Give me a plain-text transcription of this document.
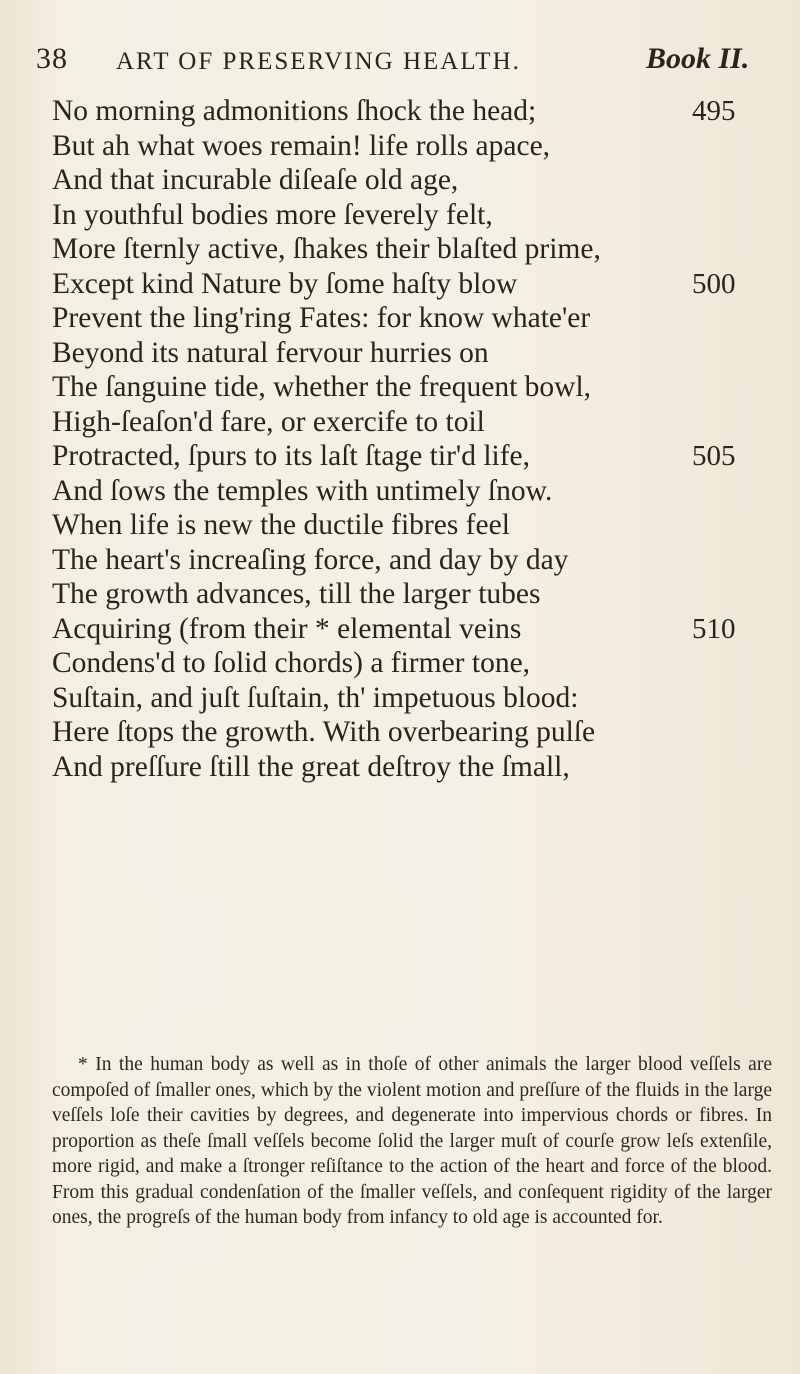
38 ART OF PRESERVING HEALTH.	Book II.
No morning admonitions ſhock the head;	495
But ah what woes remain! life rolls apace,
And that incurable diſeaſe old age,
In youthful bodies more ſeverely felt,
More ſternly active, ſhakes their blaſted prime,
Except kind Nature by ſome haſty blow	500
Prevent the ling'ring Fates: for know whate'er
Beyond its natural fervour hurries on
The ſanguine tide, whether the frequent bowl,
High-ſeaſon'd fare, or exercife to toil
Protracted, ſpurs to its laſt ſtage tir'd life,	505
And ſows the temples with untimely ſnow.
When life is new the ductile fibres feel
The heart's increaſing force, and day by day
The growth advances, till the larger tubes
Acquiring (from their * elemental veins	510
Condens'd to ſolid chords) a firmer tone,
Suſtain, and juſt ſuſtain, th' impetuous blood:
Here ſtops the growth. With overbearing pulſe
And preſſure ſtill the great deſtroy the ſmall,
* In the human body as well as in thoſe of other animals the larger blood veſſels are compoſed of ſmaller ones, which by the violent motion and preſſure of the fluids in the large veſſels loſe their cavities by degrees, and degenerate into impervious chords or fibres. In proportion as theſe ſmall veſſels become ſolid the larger muſt of courſe grow leſs extenſile, more rigid, and make a ſtronger reſiſtance to the action of the heart and force of the blood. From this gradual condenſation of the ſmaller veſſels, and conſequent rigidity of the larger ones, the progreſs of the human body from infancy to old age is accounted for.
